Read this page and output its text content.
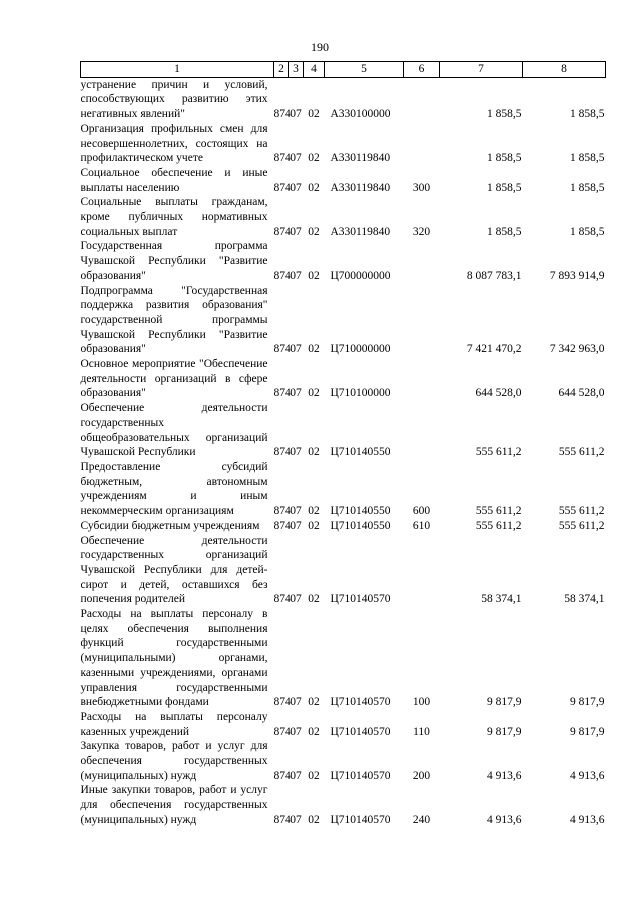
190
1	2	3	4	5	6	7	8
устранение причин и условий, способствующих развитию этих негативных явлений"	874	07	02	А330100000		1 858,5	1 858,5
Организация профильных смен для несовершеннолетних, состоящих на профилактическом учете	874	07	02	А330119840		1 858,5	1 858,5
Социальное обеспечение и иные выплаты населению	874	07	02	А330119840	300	1 858,5	1 858,5
Социальные выплаты гражданам, кроме публичных нормативных социальных выплат	874	07	02	А330119840	320	1 858,5	1 858,5
Государственная программа Чувашской Республики "Развитие образования"	874	07	02	Ц700000000		8 087 783,1	7 893 914,9
Подпрограмма "Государственная поддержка развития образования" государственной программы Чувашской Республики "Развитие образования"	874	07	02	Ц710000000		7 421 470,2	7 342 963,0
Основное мероприятие "Обеспечение деятельности организаций в сфере образования"	874	07	02	Ц710100000		644 528,0	644 528,0
Обеспечение деятельности государственных общеобразовательных организаций Чувашской Республики	874	07	02	Ц710140550		555 611,2	555 611,2
Предоставление субсидий бюджетным, автономным учреждениям и иным некоммерческим организациям	874	07	02	Ц710140550	600	555 611,2	555 611,2
Субсидии бюджетным учреждениям	874	07	02	Ц710140550	610	555 611,2	555 611,2
Обеспечение деятельности государственных организаций Чувашской Республики для детей-сирот и детей, оставшихся без попечения родителей	874	07	02	Ц710140570		58 374,1	58 374,1
Расходы на выплаты персоналу в целях обеспечения выполнения функций государственными (муниципальными) органами, казенными учреждениями, органами управления государственными внебюджетными фондами	874	07	02	Ц710140570	100	9 817,9	9 817,9
Расходы на выплаты персоналу казенных учреждений	874	07	02	Ц710140570	110	9 817,9	9 817,9
Закупка товаров, работ и услуг для обеспечения государственных (муниципальных) нужд	874	07	02	Ц710140570	200	4 913,6	4 913,6
Иные закупки товаров, работ и услуг для обеспечения государственных (муниципальных) нужд	874	07	02	Ц710140570	240	4 913,6	4 913,6
